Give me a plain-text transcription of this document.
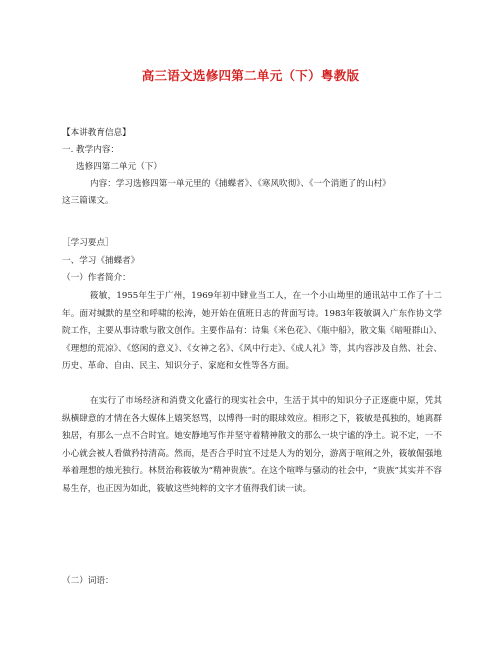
高三语文选修四第二单元（下）粤教版
【本讲教育信息】
一. 教学内容：
选修四第二单元（下）
内容：学习选修四第一单元里的《捕蝶者》、《寒风吹彻》、《一个消逝了的山村》
这三篇课文。
［学习要点］
一、学习《捕蝶者》
（一）作者简介：
筱敏，1955年生于广州，1969年初中肄业当工人，在一个小山坳里的通讯站中工作了十二年。面对缄默的星空和呼啸的松涛，她开始在值班日志的背面写诗。1983年筱敏调入广东作协文学院工作，主要从事诗歌与散文创作。主要作品有：诗集《米色花》、《瓶中船》，散文集《暗哑群山》、《理想的荒凉》、《悠闲的意义》、《女神之名》、《风中行走》、《成人礼》等，其内容涉及自然、社会、历史、革命、自由、民主、知识分子、家庭和女性等各方面。
在实行了市场经济和消费文化盛行的现实社会中，生活于其中的知识分子正逐鹿中原，凭其纵横肆意的才情在各大媒体上嬉笑怒骂，以博得一时的眼球效应。相形之下，筱敏是孤独的，她离群独居，有那么一点不合时宜。她安静地写作并坚守着精神散文的那么一块宁谧的净土。说不定，一不小心就会被人看做矜持清高。然而，是否合乎时宜不过是人为的划分，游离于喧闹之外，筱敏倔强地举着理想的烛光独行。林贤治称筱敏为“精神贵族”。在这个喧哗与骚动的社会中，“贵族”其实并不容易生存，也正因为如此，筱敏这些纯粹的文字才值得我们读一读。
（二）词语：
